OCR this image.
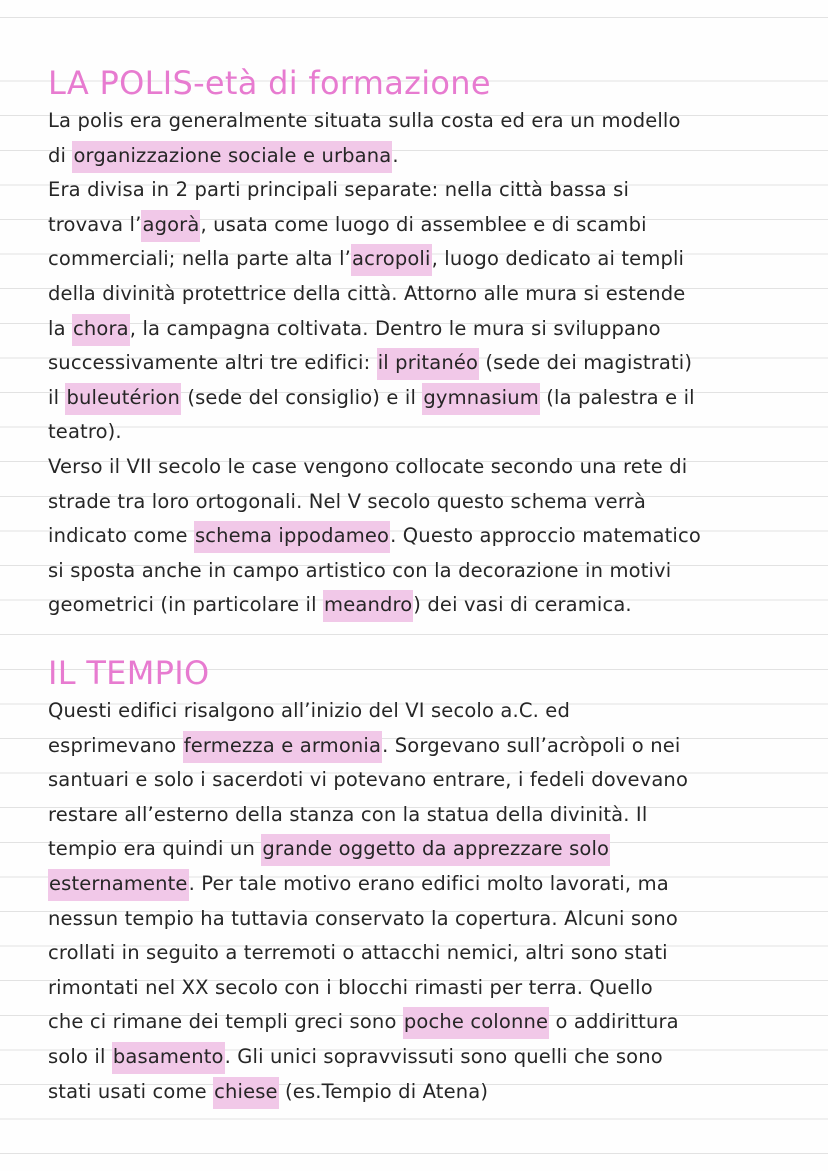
LA POLIS-età di formazione
La polis era generalmente situata sulla costa ed era un modello
di organizzazione sociale e urbana.
Era divisa in 2 parti principali separate: nella città bassa si
trovava l’agorà, usata come luogo di assemblee e di scambi
commerciali; nella parte alta l’acropoli, luogo dedicato ai templi
della divinità protettrice della città. Attorno alle mura si estende
la chora, la campagna coltivata. Dentro le mura si sviluppano
successivamente altri tre edifici: il pritanéo (sede dei magistrati)
il buleutérion (sede del consiglio) e il gymnasium (la palestra e il
teatro).
Verso il VII secolo le case vengono collocate secondo una rete di
strade tra loro ortogonali. Nel V secolo questo schema verrà
indicato come schema ippodameo. Questo approccio matematico
si sposta anche in campo artistico con la decorazione in motivi
geometrici (in particolare il meandro) dei vasi di ceramica.
IL TEMPIO
Questi edifici risalgono all’inizio del VI secolo a.C. ed
esprimevano fermezza e armonia. Sorgevano sull’acròpoli o nei
santuari e solo i sacerdoti vi potevano entrare, i fedeli dovevano
restare all’esterno della stanza con la statua della divinità. Il
tempio era quindi un grande oggetto da apprezzare solo
esternamente. Per tale motivo erano edifici molto lavorati, ma
nessun tempio ha tuttavia conservato la copertura. Alcuni sono
crollati in seguito a terremoti o attacchi nemici, altri sono stati
rimontati nel XX secolo con i blocchi rimasti per terra. Quello
che ci rimane dei templi greci sono poche colonne o addirittura
solo il basamento. Gli unici sopravvissuti sono quelli che sono
stati usati come chiese (es.Tempio di Atena)
